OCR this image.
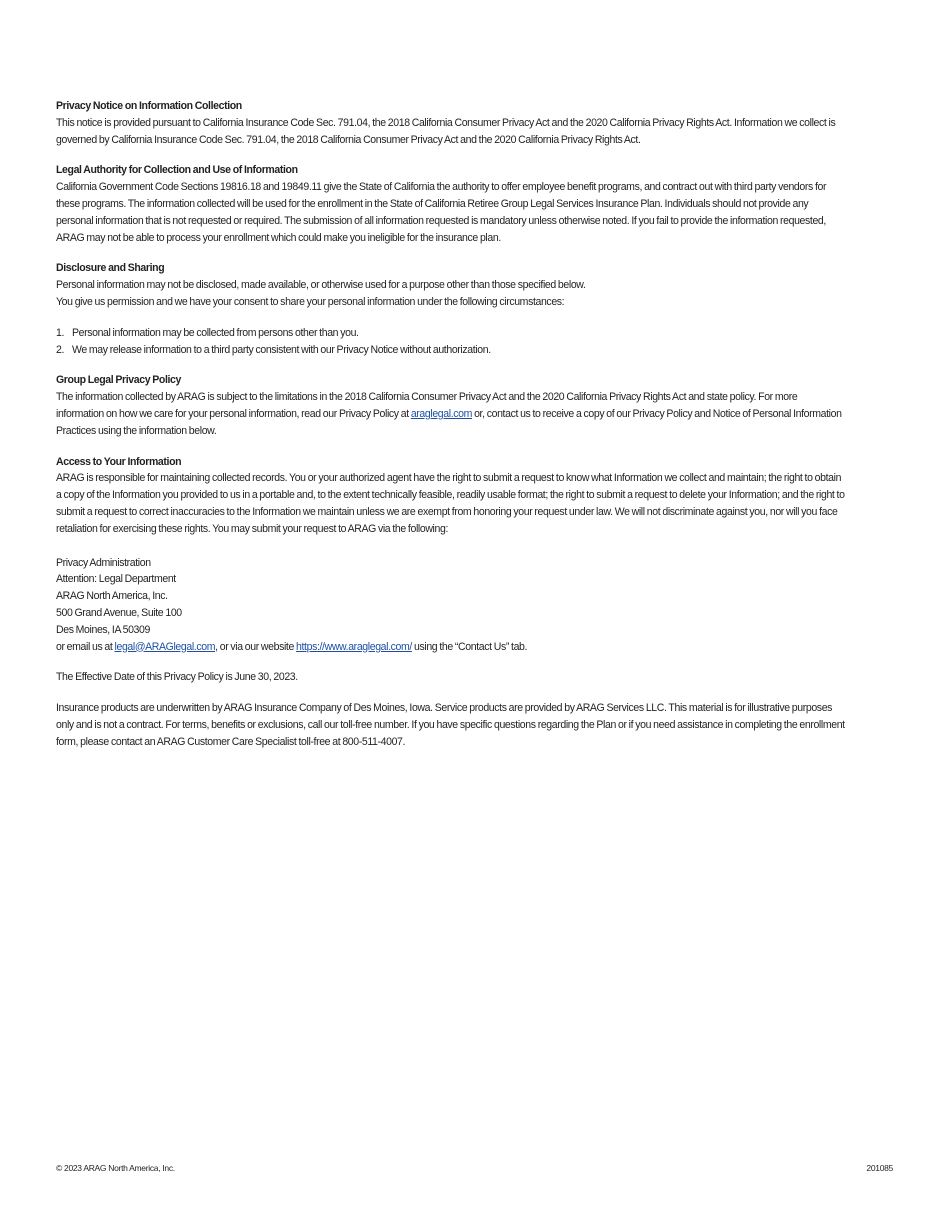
Privacy Notice on Information Collection

This notice is provided pursuant to California Insurance Code Sec. 791.04, the 2018 California Consumer Privacy Act and the 2020 California Privacy Rights Act. Information we collect is governed by California Insurance Code Sec. 791.04, the 2018 California Consumer Privacy Act and the 2020 California Privacy Rights Act.

Legal Authority for Collection and Use of Information

California Government Code Sections 19816.18 and 19849.11 give the State of California the authority to offer employee benefit programs, and contract out with third party vendors for these programs. The information collected will be used for the enrollment in the State of California Retiree Group Legal Services Insurance Plan. Individuals should not provide any personal information that is not requested or required. The submission of all information requested is mandatory unless otherwise noted. If you fail to provide the information requested, ARAG may not be able to process your enrollment which could make you ineligible for the insurance plan.

Disclosure and Sharing

Personal information may not be disclosed, made available, or otherwise used for a purpose other than those specified below.

You give us permission and we have your consent to share your personal information under the following circumstances:

1. Personal information may be collected from persons other than you.
2. We may release information to a third party consistent with our Privacy Notice without authorization.

Group Legal Privacy Policy

The information collected by ARAG is subject to the limitations in the 2018 California Consumer Privacy Act and the 2020 California Privacy Rights Act and state policy. For more information on how we care for your personal information, read our Privacy Policy at araglegal.com or, contact us to receive a copy of our Privacy Policy and Notice of Personal Information Practices using the information below.

Access to Your Information

ARAG is responsible for maintaining collected records. You or your authorized agent have the right to submit a request to know what Information we collect and maintain; the right to obtain a copy of the Information you provided to us in a portable and, to the extent technically feasible, readily usable format; the right to submit a request to delete your Information; and the right to submit a request to correct inaccuracies to the Information we maintain unless we are exempt from honoring your request under law. We will not discriminate against you, nor will you face retaliation for exercising these rights. You may submit your request to ARAG via the following:

Privacy Administration
Attention: Legal Department
ARAG North America, Inc.
500 Grand Avenue, Suite 100
Des Moines, IA 50309

or email us at legal@ARAGlegal.com, or via our website https://www.araglegal.com/ using the “Contact Us” tab.

The Effective Date of this Privacy Policy is June 30, 2023.

Insurance products are underwritten by ARAG Insurance Company of Des Moines, Iowa. Service products are provided by ARAG Services LLC. This material is for illustrative purposes only and is not a contract. For terms, benefits or exclusions, call our toll-free number. If you have specific questions regarding the Plan or if you need assistance in completing the enrollment form, please contact an ARAG Customer Care Specialist toll-free at 800-511-4007.

© 2023 ARAG North America, Inc.	201085
